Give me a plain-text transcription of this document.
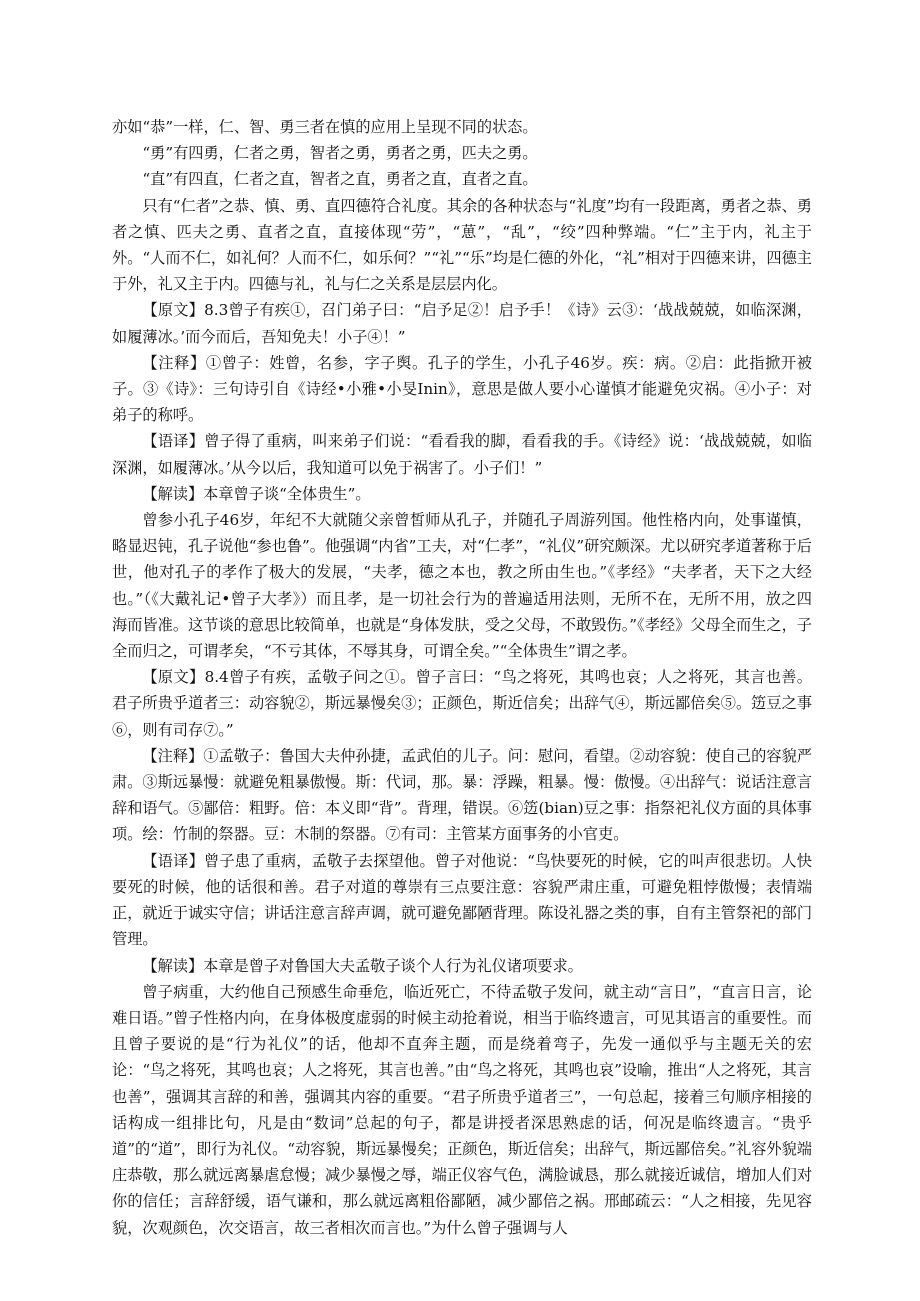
亦如“恭”一样，仁、智、勇三者在慎的应用上呈现不同的状态。

“勇”有四勇，仁者之勇，智者之勇，勇者之勇，匹夫之勇。

“直”有四直，仁者之直，智者之直，勇者之直，直者之直。

只有“仁者”之恭、慎、勇、直四德符合礼度。其余的各种状态与“礼度”均有一段距离，勇者之恭、勇者之慎、匹夫之勇、直者之直，直接体现“劳”，“葸”，“乱”，“绞”四种弊端。“仁”主于内，礼主于外。“人而不仁，如礼何？人而不仁，如乐何？”“礼”“乐”均是仁德的外化，“礼”相对于四德来讲，四德主于外，礼又主于内。四德与礼，礼与仁之关系是层层内化。

【原文】8.3曾子有疾①，召门弟子曰：“启予足②！启予手！《诗》云③：‘战战兢兢，如临深渊，如履薄冰。’而今而后，吾知免夫！小子④！”

【注释】①曾子：姓曾，名参，字子舆。孔子的学生，小孔子46岁。疾：病。②启：此指掀开被子。③《诗》：三句诗引自《诗经•小雅•小旻Inin》，意思是做人要小心谨慎才能避免灾祸。④小子：对弟子的称呼。

【语译】曾子得了重病，叫来弟子们说：“看看我的脚，看看我的手。《诗经》说：‘战战兢兢，如临深渊，如履薄冰。’从今以后，我知道可以免于祸害了。小子们！”

【解读】本章曾子谈“全体贵生”。

曾参小孔子46岁，年纪不大就随父亲曾皙师从孔子，并随孔子周游列国。他性格内向，处事谨慎，略显迟钝，孔子说他“参也鲁”。他强调“内省”工夫，对“仁孝”，“礼仪”研究颇深。尤以研究孝道著称于后世，他对孔子的孝作了极大的发展，“夫孝，德之本也，教之所由生也。”《孝经》“夫孝者，天下之大经也。”（《大戴礼记•曾子大孝》）而且孝，是一切社会行为的普遍适用法则，无所不在，无所不用，放之四海而皆准。这节谈的意思比较简单，也就是“身体发肤，受之父母，不敢毁伤。”《孝经》父母全而生之，子全而归之，可谓孝矣，“不亏其体，不辱其身，可谓全矣。”“全体贵生”谓之孝。

【原文】8.4曾子有疾，孟敬子问之①。曾子言曰：“鸟之将死，其鸣也哀；人之将死，其言也善。君子所贵乎道者三：动容貌②，斯远暴慢矣③；正颜色，斯近信矣；出辞气④，斯远鄙倍矣⑤。笾豆之事⑥，则有司存⑦。”

【注释】①孟敬子：鲁国大夫仲孙捷，孟武伯的儿子。问：慰问，看望。②动容貌：使自己的容貌严肃。③斯远暴慢：就避免粗暴傲慢。斯：代词，那。暴：浮躁，粗暴。慢：傲慢。④出辞气：说话注意言辞和语气。⑤鄙倍：粗野。倍：本义即“背”。背理，错误。⑥笾(bian)豆之事：指祭祀礼仪方面的具体事项。绘：竹制的祭器。豆：木制的祭器。⑦有司：主管某方面事务的小官吏。

【语译】曾子患了重病，孟敬子去探望他。曾子对他说：“鸟快要死的时候，它的叫声很悲切。人快要死的时候，他的话很和善。君子对道的尊崇有三点要注意：容貌严肃庄重，可避免粗悖傲慢；表情端正，就近于诚实守信；讲话注意言辞声调，就可避免鄙陋背理。陈设礼器之类的事，自有主管祭祀的部门管理。

【解读】本章是曾子对鲁国大夫孟敬子谈个人行为礼仪诸项要求。

曾子病重，大约他自己预感生命垂危，临近死亡，不待孟敬子发问，就主动“言日”，“直言日言，论难日语。”曾子性格内向，在身体极度虚弱的时候主动抢着说，相当于临终遗言，可见其语言的重要性。而且曾子要说的是“行为礼仪”的话，他却不直奔主题，而是绕着弯子，先发一通似乎与主题无关的宏论：“鸟之将死，其鸣也哀；人之将死，其言也善。”由“鸟之将死，其鸣也哀”设喻，推出“人之将死，其言也善”，强调其言辞的和善，强调其内容的重要。“君子所贵乎道者三”，一句总起，接着三句顺序相接的话构成一组排比句，凡是由“数词”总起的句子，都是讲授者深思熟虑的话，何况是临终遗言。“贵乎道”的“道”，即行为礼仪。“动容貌，斯远暴慢矣；正颜色，斯近信矣；出辞气，斯远鄙倍矣。”礼容外貌端庄恭敬，那么就远离暴虐怠慢；减少暴慢之辱，端正仪容气色，满脸诚恳，那么就接近诚信，增加人们对你的信任；言辞舒缓，语气谦和，那么就远离粗俗鄙陋，减少鄙倍之祸。邢邮疏云：“人之相接，先见容貌，次观颜色，次交语言，故三者相次而言也。”为什么曾子强调与人
